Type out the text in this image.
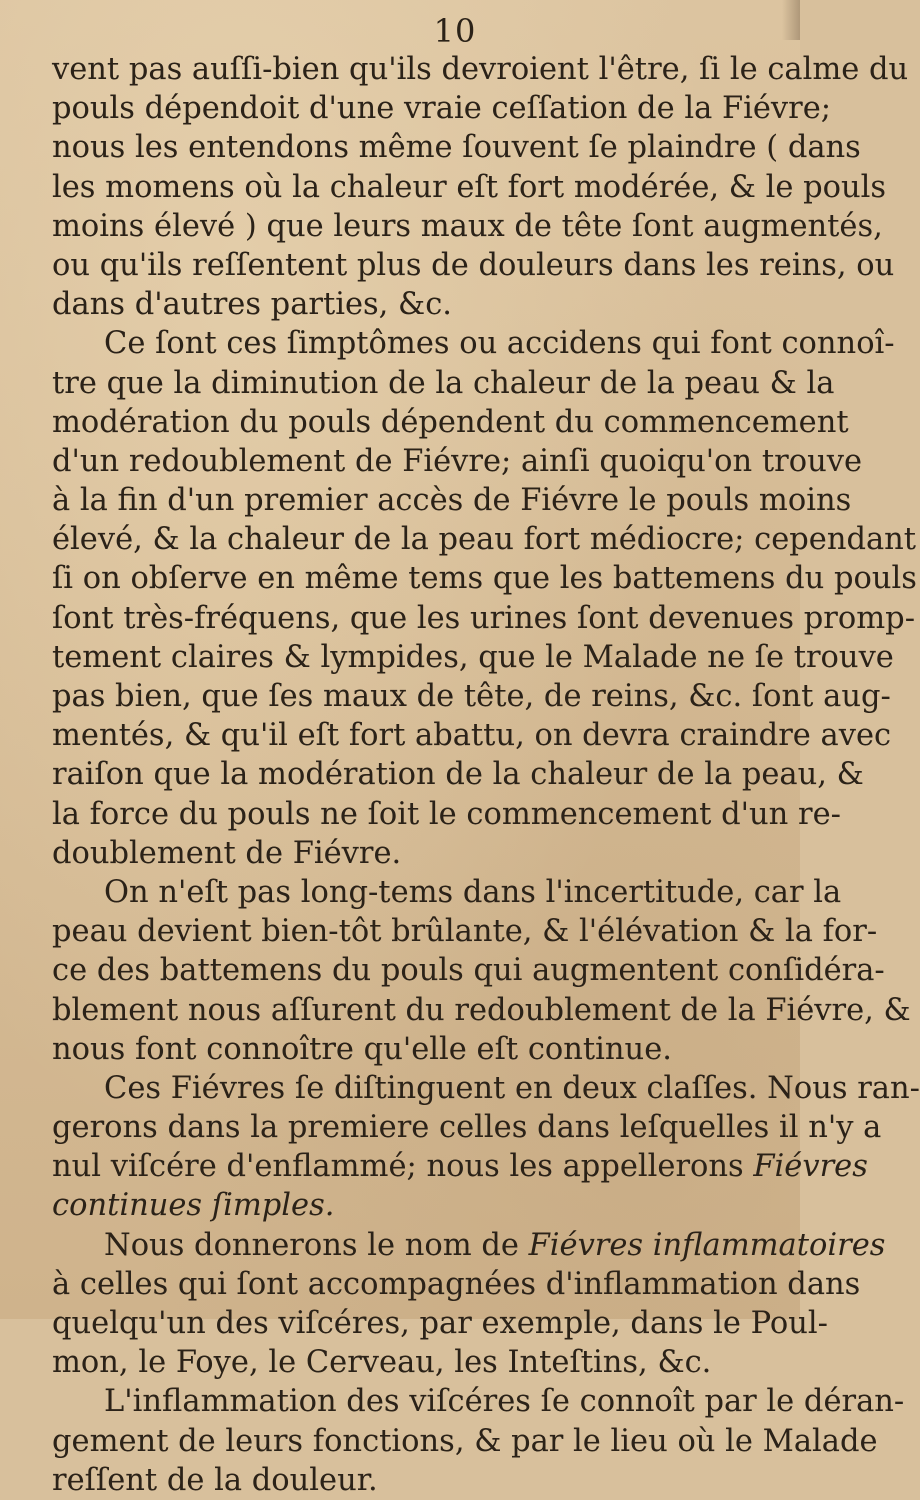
10
vent pas auſſi-bien qu'ils devroient l'être, ſi le calme du
pouls dépendoit d'une vraie ceſſation de la Fiévre;
nous les entendons même ſouvent ſe plaindre ( dans
les momens où la chaleur eſt fort modérée, & le pouls
moins élevé ) que leurs maux de tête ſont augmentés,
ou qu'ils reſſentent plus de douleurs dans les reins, ou
dans d'autres parties, &c.
Ce ſont ces ſimptômes ou accidens qui font connoî-
tre que la diminution de la chaleur de la peau & la
modération du pouls dépendent du commencement
d'un redoublement de Fiévre; ainſi quoiqu'on trouve
à la fin d'un premier accès de Fiévre le pouls moins
élevé, & la chaleur de la peau fort médiocre; cependant
ſi on obſerve en même tems que les battemens du pouls
ſont très-fréquens, que les urines ſont devenues promp-
tement claires & lympides, que le Malade ne ſe trouve
pas bien, que ſes maux de tête, de reins, &c. ſont aug-
mentés, & qu'il eſt fort abattu, on devra craindre avec
raiſon que la modération de la chaleur de la peau, &
la force du pouls ne ſoit le commencement d'un re-
doublement de Fiévre.
On n'eſt pas long-tems dans l'incertitude, car la
peau devient bien-tôt brûlante, & l'élévation & la for-
ce des battemens du pouls qui augmentent conſidéra-
blement nous aſſurent du redoublement de la Fiévre, &
nous font connoître qu'elle eſt continue.
Ces Fiévres ſe diſtinguent en deux claſſes. Nous ran-
gerons dans la premiere celles dans leſquelles il n'y a
nul viſcére d'enflammé; nous les appellerons Fiévres
continues ſimples.
Nous donnerons le nom de Fiévres inflammatoires
à celles qui ſont accompagnées d'inflammation dans
quelqu'un des viſcéres, par exemple, dans le Poul-
mon, le Foye, le Cerveau, les Inteſtins, &c.
L'inflammation des viſcéres ſe connoît par le déran-
gement de leurs fonctions, & par le lieu où le Malade
reſſent de la douleur.
